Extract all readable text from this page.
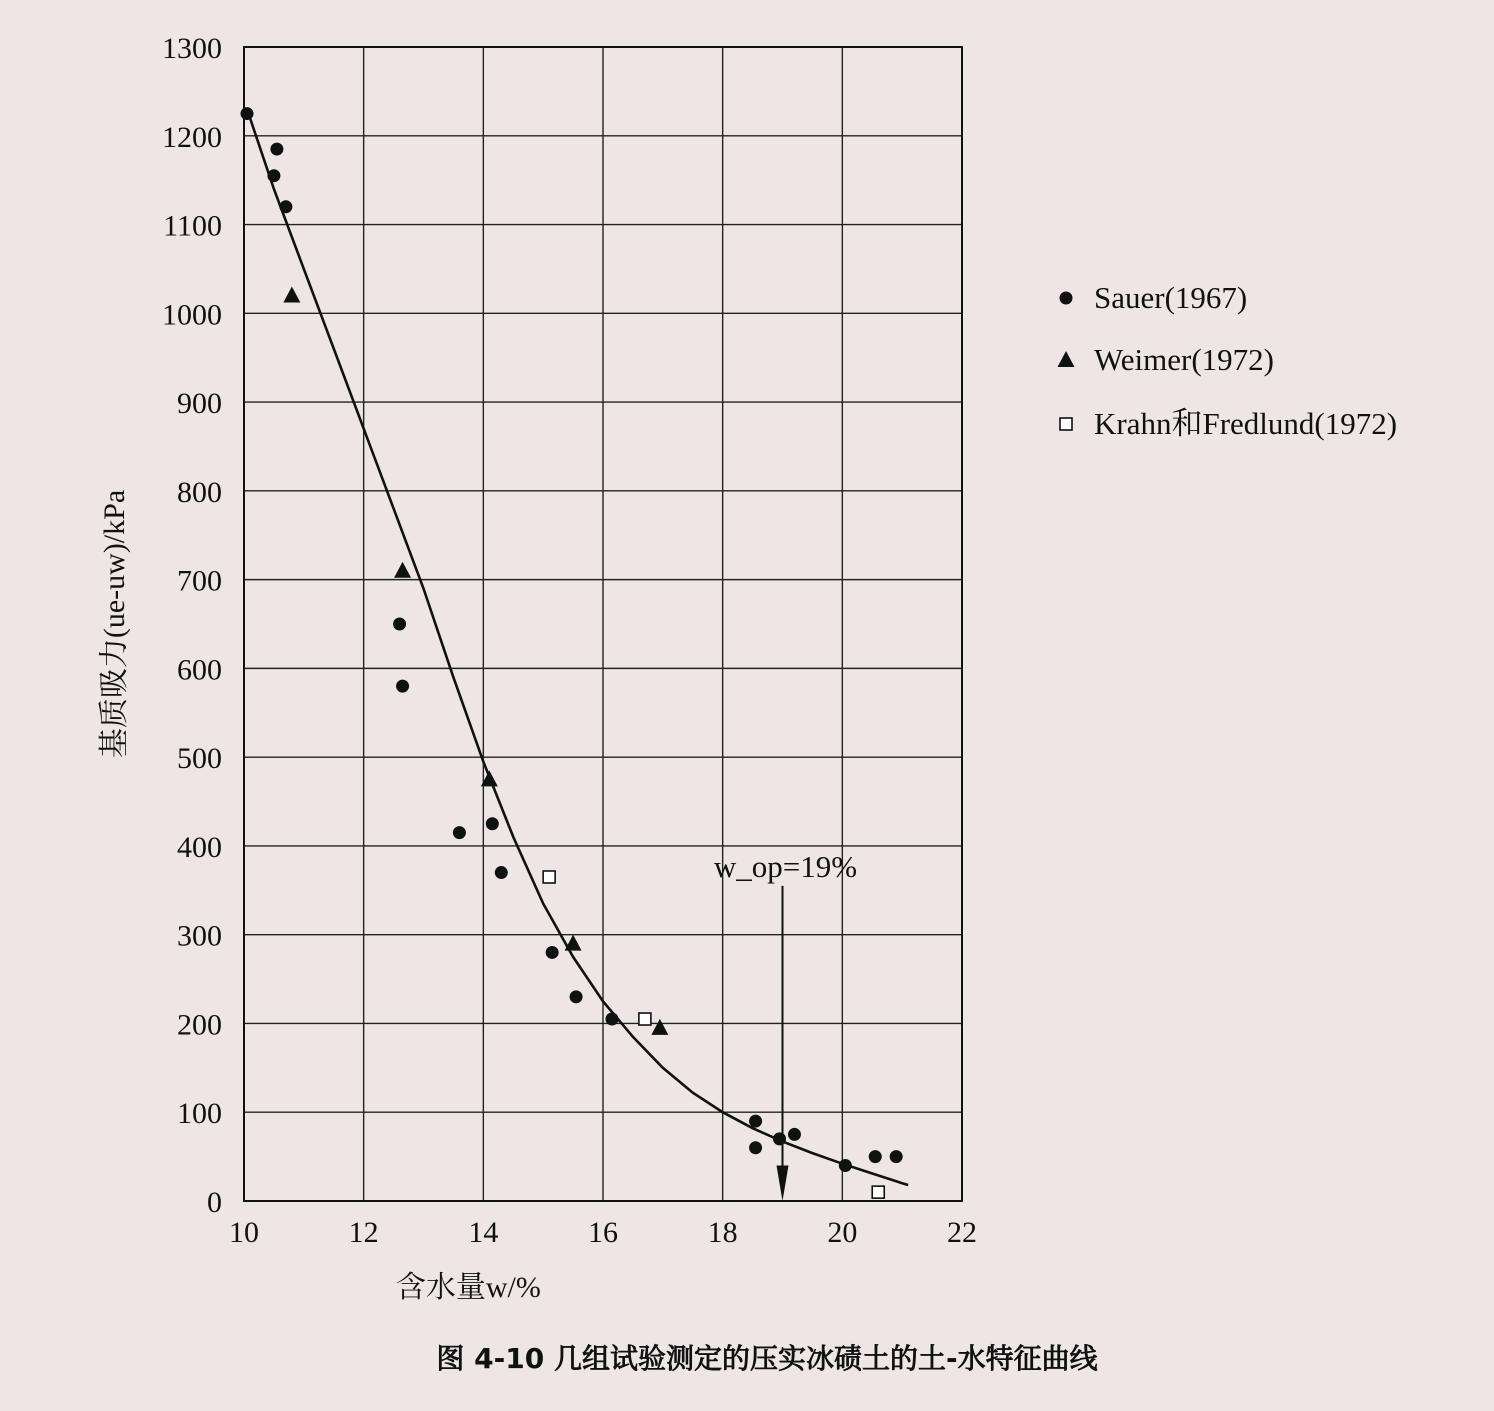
10	12	14	16	18	20	22
0
100
200
300
400
500
600
700
800
900
1000
1100
1200
1300
含水量w/%
基质吸力(ue-uw)/kPa
w_op=19%
Sauer(1967)
Weimer(1972)
Krahn和Fredlund(1972)
图 4-10 几组试验测定的压实冰碛土的土-水特征曲线
